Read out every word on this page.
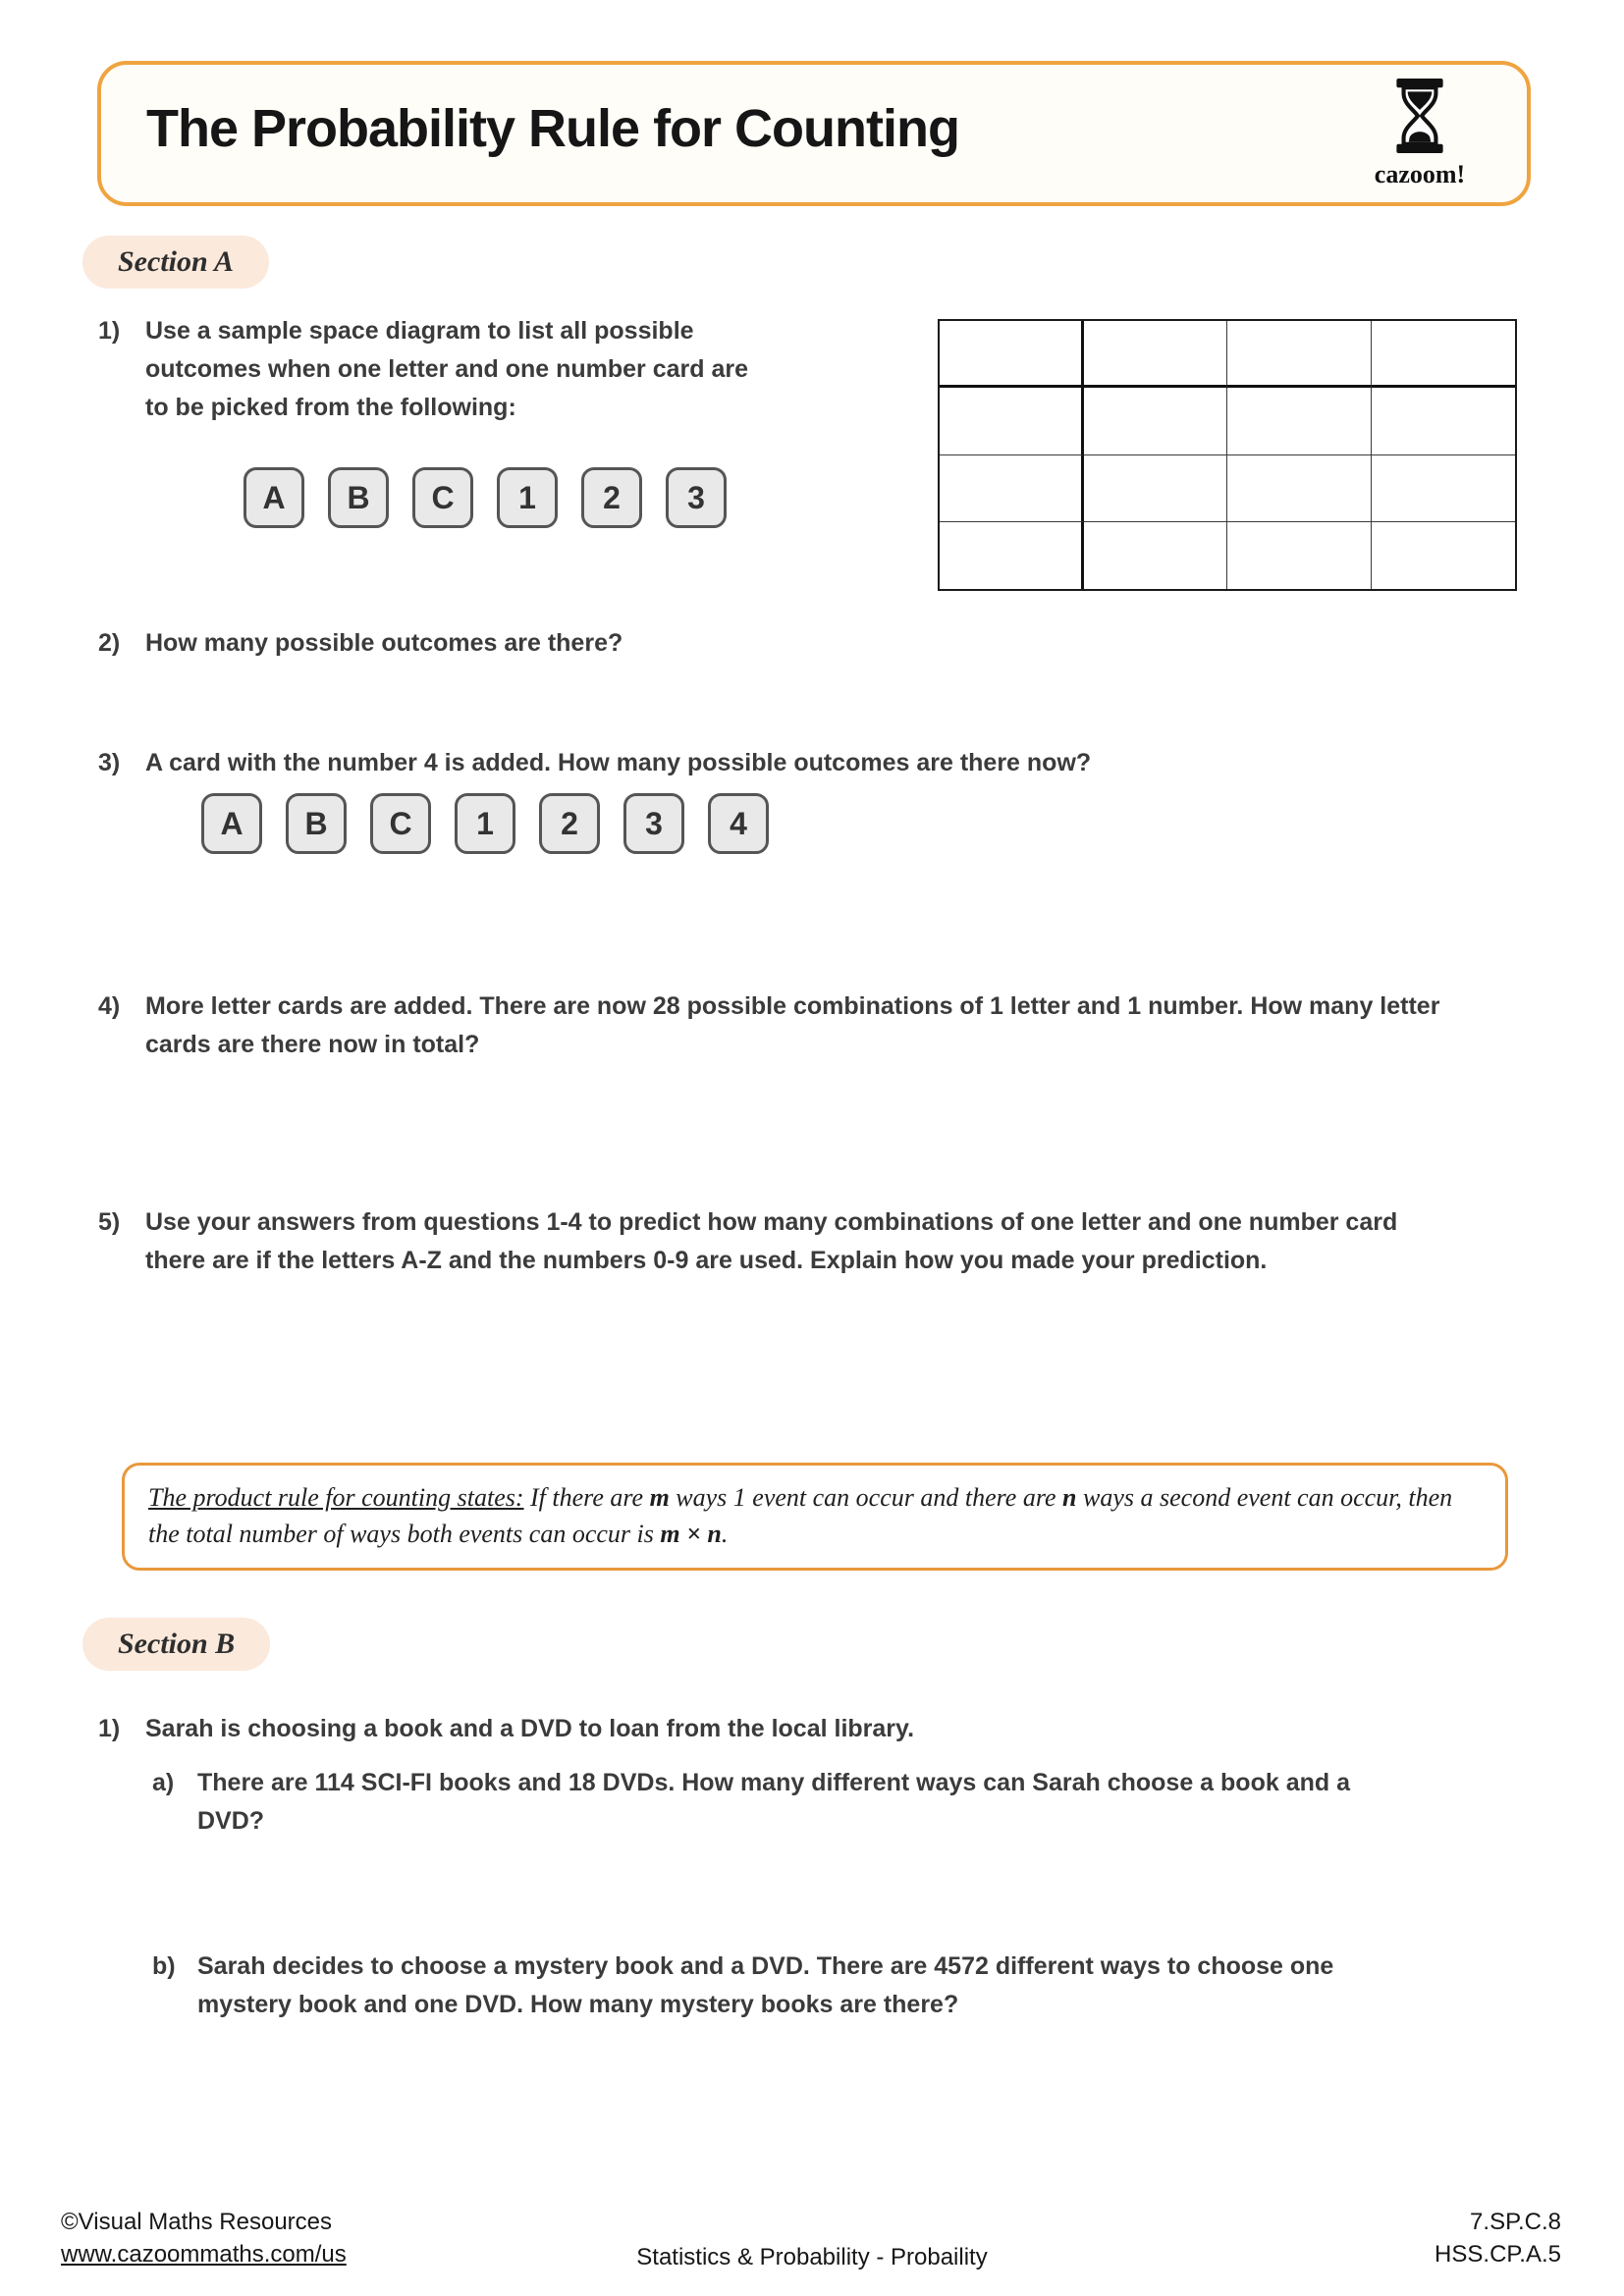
The Probability Rule for Counting
cazoom!
Section A
1)	Use a sample space diagram to list all possible outcomes when one letter and one number card are to be picked from the following:
A	B	C	1	2	3
2)	How many possible outcomes are there?
3)	A card with the number 4 is added. How many possible outcomes are there now?
A	B	C	1	2	3	4
4)	More letter cards are added. There are now 28 possible combinations of 1 letter and 1 number. How many letter cards are there now in total?
5)	Use your answers from questions 1-4 to predict how many combinations of one letter and one number card there are if the letters A-Z and the numbers 0-9 are used. Explain how you made your prediction.
The product rule for counting states: If there are m ways 1 event can occur and there are n ways a second event can occur, then the total number of ways both events can occur is m × n.
Section B
1)	Sarah is choosing a book and a DVD to loan from the local library.
a) There are 114 SCI-FI books and 18 DVDs. How many different ways can Sarah choose a book and a DVD?
b) Sarah decides to choose a mystery book and a DVD. There are 4572 different ways to choose one mystery book and one DVD. How many mystery books are there?
©Visual Maths Resources
www.cazoommaths.com/us	Statistics & Probability - Probaility
7.SP.C.8
HSS.CP.A.5
